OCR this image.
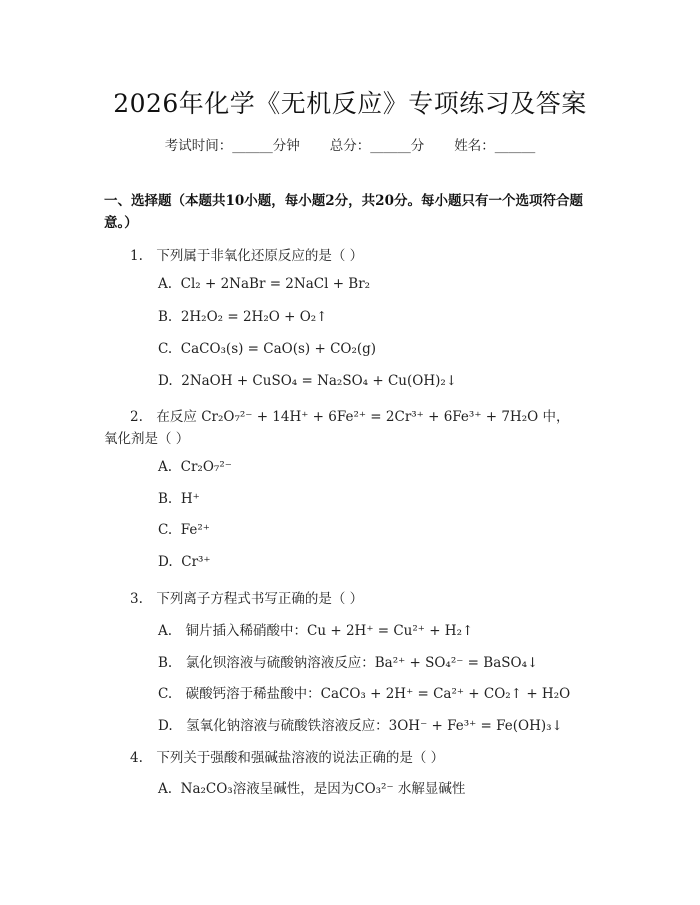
2026年化学《无机反应》专项练习及答案
考试时间：______分钟 总分：______分 姓名：______
一、选择题（本题共10小题，每小题2分，共20分。每小题只有一个选项符合题意。）
1.　下列属于非氧化还原反应的是（ ）
A. Cl₂ + 2NaBr = 2NaCl + Br₂
B. 2H₂O₂ = 2H₂O + O₂↑
C. CaCO₃(s) = CaO(s) + CO₂(g)
D. 2NaOH + CuSO₄ = Na₂SO₄ + Cu(OH)₂↓
2.　在反应 Cr₂O₇²⁻ + 14H⁺ + 6Fe²⁺ = 2Cr³⁺ + 6Fe³⁺ + 7H₂O 中，
氧化剂是（ ）
A. Cr₂O₇²⁻
B. H⁺
C. Fe²⁺
D. Cr³⁺
3.　下列离子方程式书写正确的是（ ）
A.　铜片插入稀硝酸中：Cu + 2H⁺ = Cu²⁺ + H₂↑
B.　氯化钡溶液与硫酸钠溶液反应：Ba²⁺ + SO₄²⁻ = BaSO₄↓
C.　碳酸钙溶于稀盐酸中：CaCO₃ + 2H⁺ = Ca²⁺ + CO₂↑ + H₂O
D.　氢氧化钠溶液与硫酸铁溶液反应：3OH⁻ + Fe³⁺ = Fe(OH)₃↓
4.　下列关于强酸和强碱盐溶液的说法正确的是（ ）
A. Na₂CO₃溶液呈碱性，是因为CO₃²⁻ 水解显碱性
